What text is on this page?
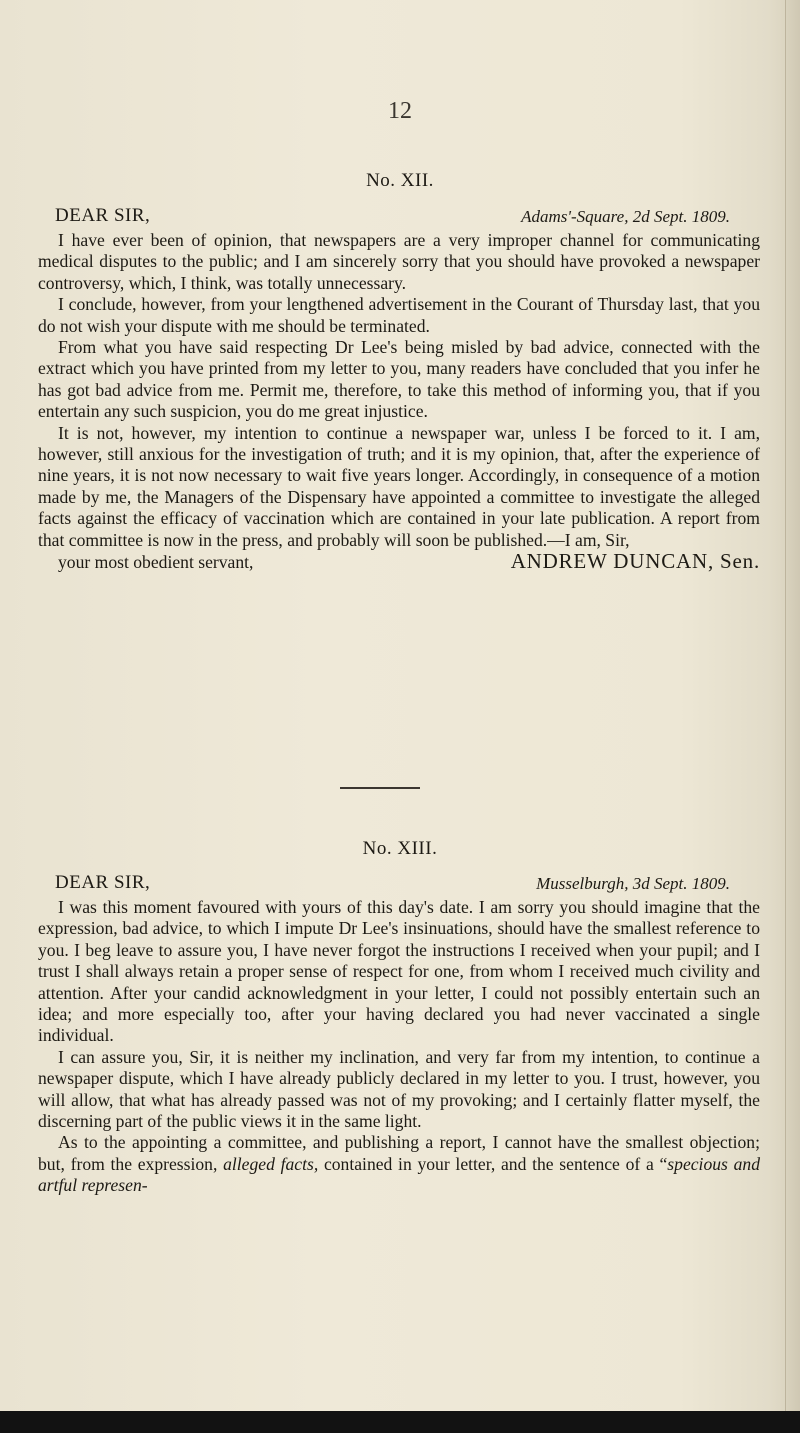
12
No. XII.
DEAR SIR,	Adams'-Square, 2d Sept. 1809.

I have ever been of opinion, that newspapers are a very improper channel for communicating medical disputes to the public; and I am sincerely sorry that you should have provoked a newspaper controversy, which, I think, was totally unnecessary.

I conclude, however, from your lengthened advertisement in the Courant of Thursday last, that you do not wish your dispute with me should be terminated.

From what you have said respecting Dr Lee's being misled by bad advice, connected with the extract which you have printed from my letter to you, many readers have concluded that you infer he has got bad advice from me. Permit me, therefore, to take this method of informing you, that if you entertain any such suspicion, you do me great injustice.

It is not, however, my intention to continue a newspaper war, unless I be forced to it. I am, however, still anxious for the investigation of truth; and it is my opinion, that, after the experience of nine years, it is not now necessary to wait five years longer. Accordingly, in consequence of a motion made by me, the Managers of the Dispensary have appointed a committee to investigate the alleged facts against the efficacy of vaccination which are contained in your late publication. A report from that committee is now in the press, and probably will soon be published.—I am, Sir,

your most obedient servant,	ANDREW DUNCAN, Sen.

No. XIII.
DEAR SIR,	Musselburgh, 3d Sept. 1809.

I was this moment favoured with yours of this day's date. I am sorry you should imagine that the expression, bad advice, to which I impute Dr Lee's insinuations, should have the smallest reference to you. I beg leave to assure you, I have never forgot the instructions I received when your pupil; and I trust I shall always retain a proper sense of respect for one, from whom I received much civility and attention. After your candid acknowledgment in your letter, I could not possibly entertain such an idea; and more especially too, after your having declared you had never vaccinated a single individual.

I can assure you, Sir, it is neither my inclination, and very far from my intention, to continue a newspaper dispute, which I have already publicly declared in my letter to you. I trust, however, you will allow, that what has already passed was not of my provoking; and I certainly flatter myself, the discerning part of the public views it in the same light.

As to the appointing a committee, and publishing a report, I cannot have the smallest objection; but, from the expression, alleged facts, contained in your letter, and the sentence of a “specious and artful represen-
